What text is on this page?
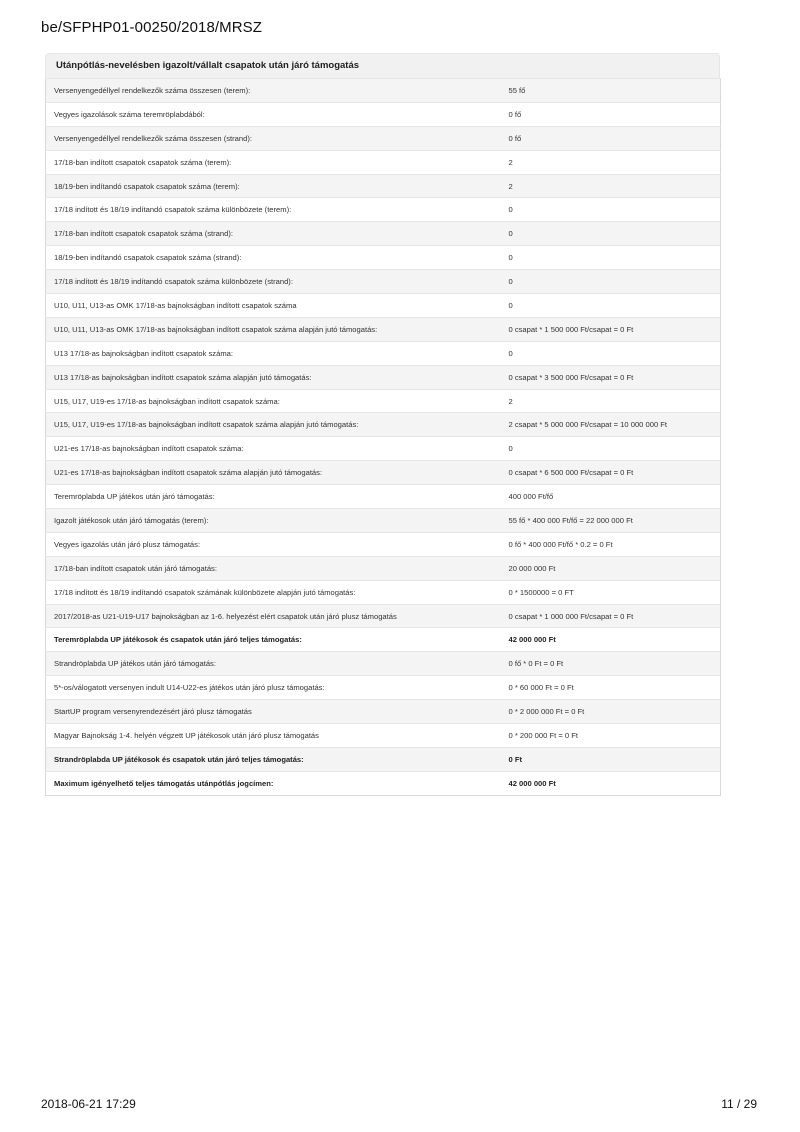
be/SFPHP01-00250/2018/MRSZ
Utánpótlás-nevelésben igazolt/vállalt csapatok után járó támogatás
Versenyengedéllyel rendelkezők száma összesen (terem):	55 fő
Vegyes igazolások száma teremröplabdából:	0 fő
Versenyengedéllyel rendelkezők száma összesen (strand):	0 fő
17/18-ban indított csapatok csapatok száma (terem):	2
18/19-ben indítandó csapatok csapatok száma (terem):	2
17/18 indított és 18/19 indítandó csapatok száma különbözete (terem):	0
17/18-ban indított csapatok csapatok száma (strand):	0
18/19-ben indítandó csapatok csapatok száma (strand):	0
17/18 indított és 18/19 indítandó csapatok száma különbözete (strand):	0
U10, U11, U13-as OMK 17/18-as bajnokságban indított csapatok száma	0
U10, U11, U13-as OMK 17/18-as bajnokságban indított csapatok száma alapján jutó támogatás:	0 csapat * 1 500 000 Ft/csapat = 0 Ft
U13 17/18-as bajnokságban indított csapatok száma:	0
U13 17/18-as bajnokságban indított csapatok száma alapján jutó támogatás:	0 csapat * 3 500 000 Ft/csapat = 0 Ft
U15, U17, U19-es 17/18-as bajnokságban indított csapatok száma:	2
U15, U17, U19-es 17/18-as bajnokságban indított csapatok száma alapján jutó támogatás:	2 csapat * 5 000 000 Ft/csapat = 10 000 000 Ft
U21-es 17/18-as bajnokságban indított csapatok száma:	0
U21-es 17/18-as bajnokságban indított csapatok száma alapján jutó támogatás:	0 csapat * 6 500 000 Ft/csapat = 0 Ft
Teremröplabda UP játékos után járó támogatás:	400 000 Ft/fő
Igazolt játékosok után járó támogatás (terem):	55 fő * 400 000 Ft/fő = 22 000 000 Ft
Vegyes igazolás után járó plusz támogatás:	0 fő * 400 000 Ft/fő * 0.2 = 0 Ft
17/18-ban indított csapatok után járó támogatás:	20 000 000 Ft
17/18 indított és 18/19 indítandó csapatok számának különbözete alapján jutó támogatás:	0 * 1500000 = 0 FT
2017/2018-as U21-U19-U17 bajnokságban az 1-6. helyezést elért csapatok után járó plusz támogatás	0 csapat * 1 000 000 Ft/csapat = 0 Ft
Teremröplabda UP játékosok és csapatok után járó teljes támogatás:	42 000 000 Ft
Strandröplabda UP játékos után járó támogatás:	0 fő * 0 Ft = 0 Ft
5*-os/válogatott versenyen indult U14-U22-es játékos után járó plusz támogatás:	0 * 60 000 Ft = 0 Ft
StartUP program versenyrendezésért járó plusz támogatás	0 * 2 000 000 Ft = 0 Ft
Magyar Bajnokság 1-4. helyén végzett UP játékosok után járó plusz támogatás	0 * 200 000 Ft = 0 Ft
Strandröplabda UP játékosok és csapatok után járó teljes támogatás:	0 Ft
Maximum igényelhető teljes támogatás utánpótlás jogcímen:	42 000 000 Ft
2018-06-21 17:29	11 / 29
